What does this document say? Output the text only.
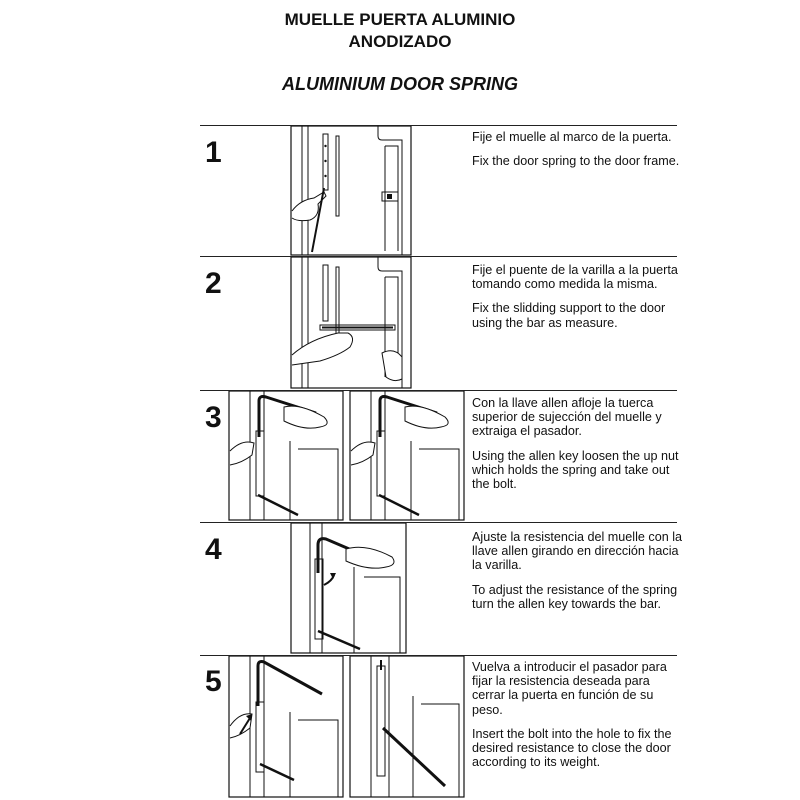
MUELLE PUERTA ALUMINIO
ANODIZADO
ALUMINIUM DOOR SPRING
1	Fije el muelle al marco de la puerta.

Fix the door spring to the door frame.

2	Fije el puente de la varilla a la puerta tomando como medida la misma.

Fix the slidding support to the door using the bar as measure.

3	Con la llave allen afloje la tuerca superior de sujección del muelle y extraiga el pasador.

Using the allen key loosen the up nut which holds the spring and take out the bolt.

4	Ajuste la resistencia del muelle con la llave allen girando en dirección hacia la varilla.

To adjust the resistance of the spring turn the allen key towards the bar.

5	Vuelva a introducir el pasador para fijar la resistencia deseada para cerrar la puerta en función de su peso.

Insert the bolt into the hole to fix the desired resistance to close the door according to its weight.
